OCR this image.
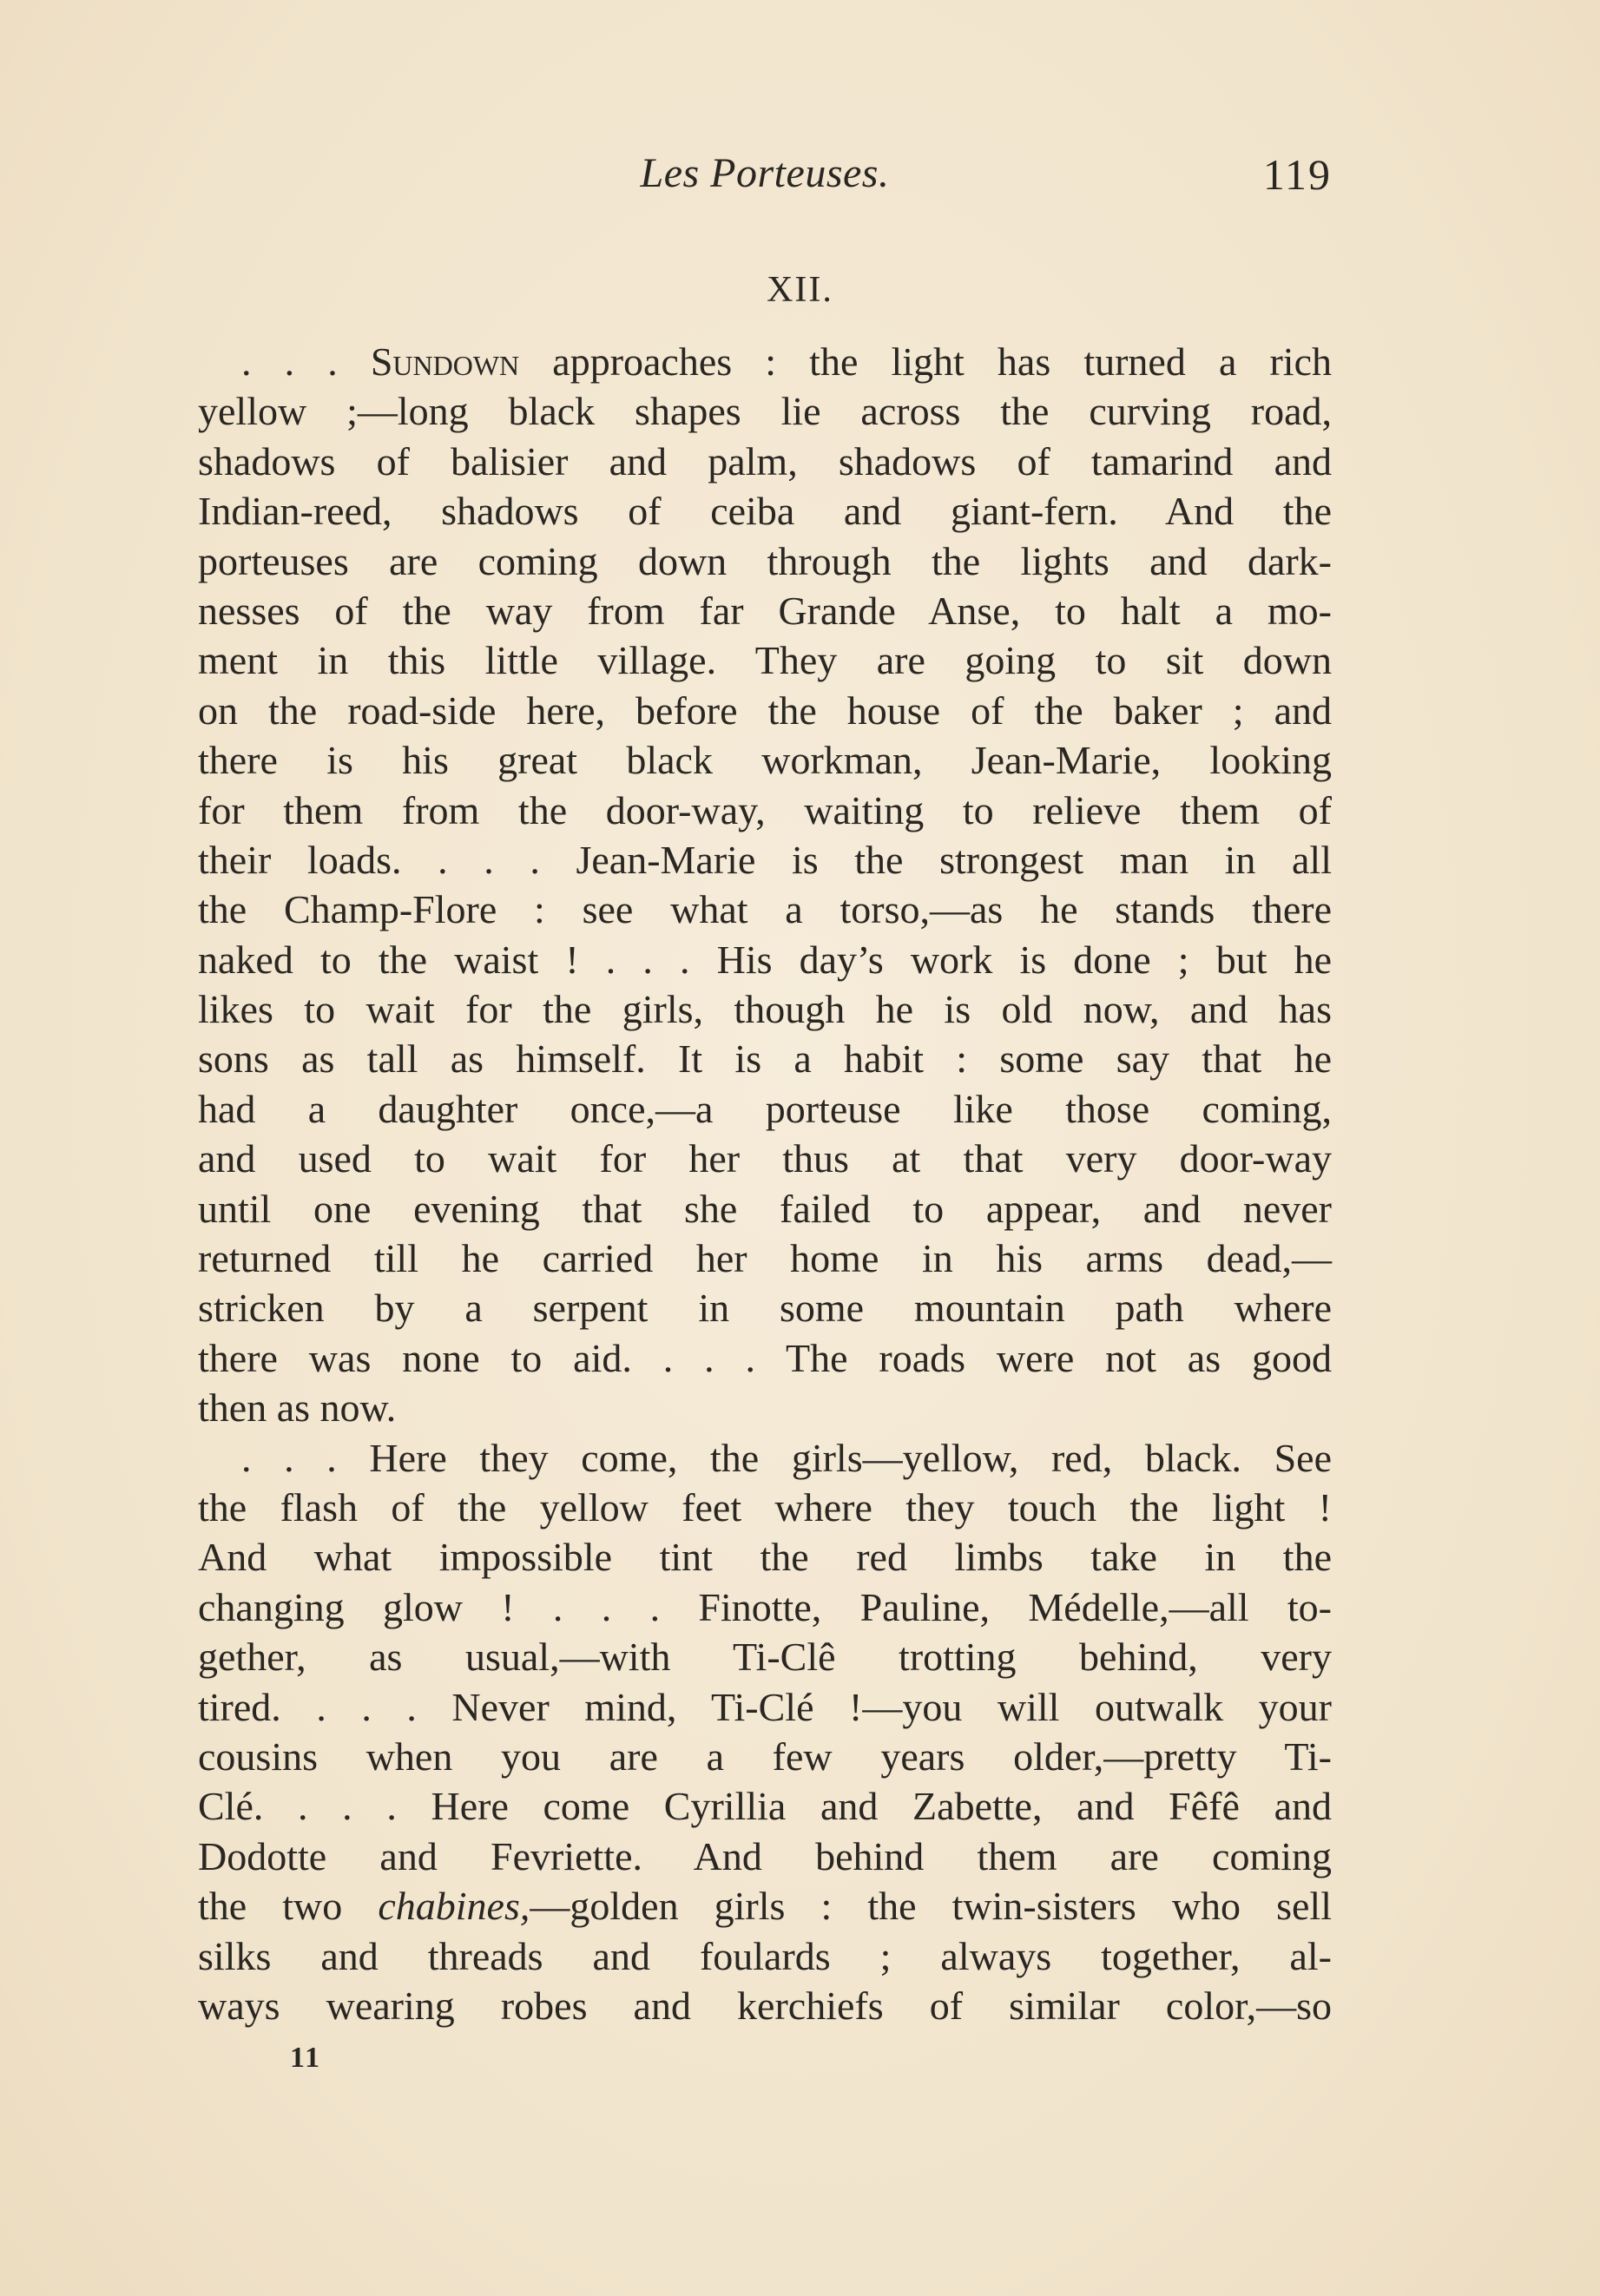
Les Porteuses.	119
XII.
. . . Sundown approaches : the light has turned a rich
yellow ;—long black shapes lie across the curving road,
shadows of balisier and palm, shadows of tamarind and
Indian-reed, shadows of ceiba and giant-fern. And the
porteuses are coming down through the lights and dark-
nesses of the way from far Grande Anse, to halt a mo-
ment in this little village. They are going to sit down
on the road-side here, before the house of the baker ; and
there is his great black workman, Jean-Marie, looking
for them from the door-way, waiting to relieve them of
their loads. . . . Jean-Marie is the strongest man in all
the Champ-Flore : see what a torso,—as he stands there
naked to the waist ! . . . His day’s work is done ; but he
likes to wait for the girls, though he is old now, and has
sons as tall as himself. It is a habit : some say that he
had a daughter once,—a porteuse like those coming,
and used to wait for her thus at that very door-way
until one evening that she failed to appear, and never
returned till he carried her home in his arms dead,—
stricken by a serpent in some mountain path where
there was none to aid. . . . The roads were not as good
then as now.
. . . Here they come, the girls—yellow, red, black. See
the flash of the yellow feet where they touch the light !
And what impossible tint the red limbs take in the
changing glow ! . . . Finotte, Pauline, Médelle,—all to-
gether, as usual,—with Ti-Clê trotting behind, very
tired. . . . Never mind, Ti-Clé !—you will outwalk your
cousins when you are a few years older,—pretty Ti-
Clé. . . . Here come Cyrillia and Zabette, and Fêfê and
Dodotte and Fevriette. And behind them are coming
the two chabines,—golden girls : the twin-sisters who sell
silks and threads and foulards ; always together, al-
ways wearing robes and kerchiefs of similar color,—so
11
